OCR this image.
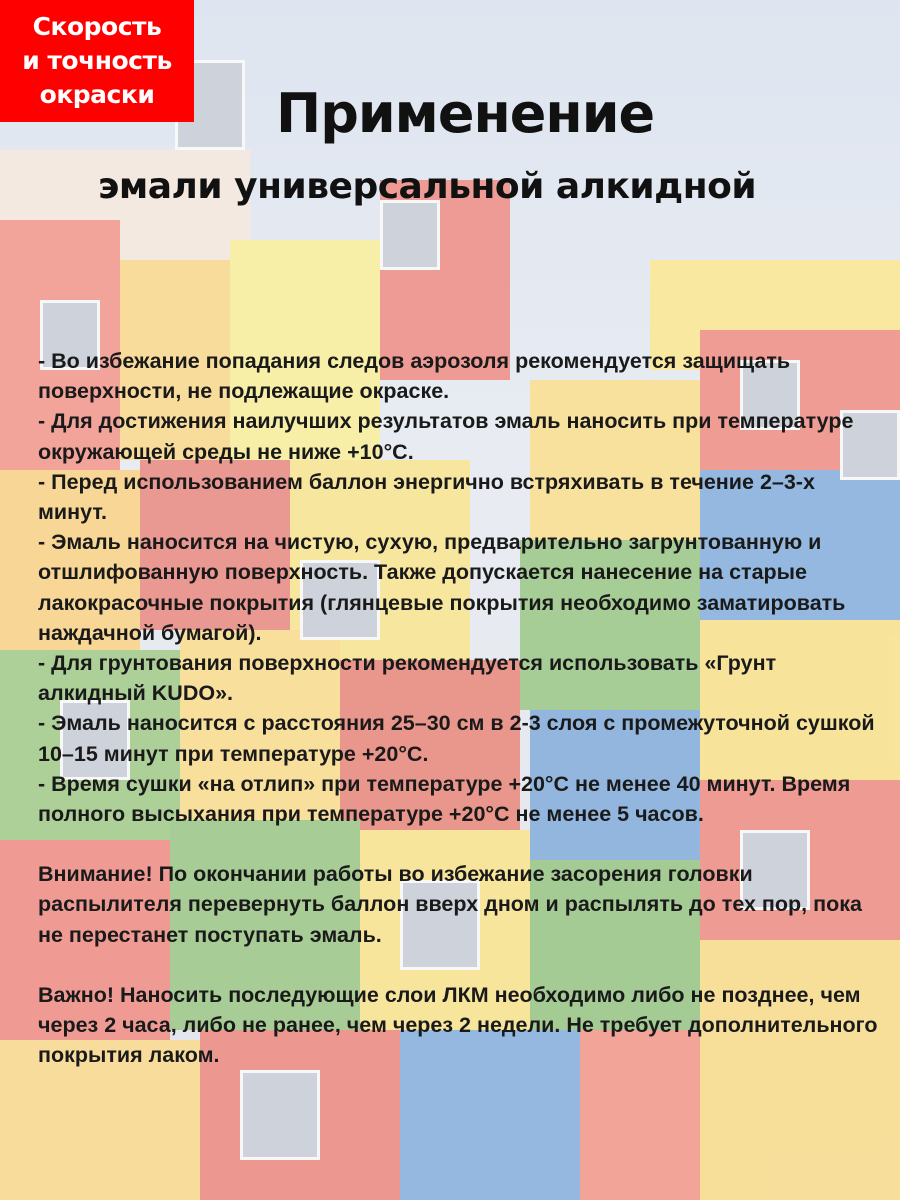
Скорость
и точность
окраски	Применение
эмали универсальной алкидной

- Во избежание попадания следов аэрозоля рекомендуется защищать поверхности, не подлежащие окраске.

- Для достижения наилучших результатов эмаль наносить при температуре окружающей среды не ниже +10°С.

- Перед использованием баллон энергично встряхивать в течение 2–3-х минут.

- Эмаль наносится на чистую, сухую, предварительно загрунтованную и отшлифованную поверхность. Также допускается нанесение на старые лакокрасочные покрытия (глянцевые покрытия необходимо заматировать наждачной бумагой).

- Для грунтования поверхности рекомендуется использовать «Грунт алкидный KUDO».

- Эмаль наносится с расстояния 25–30 см в 2-3 слоя с промежуточной сушкой 10–15 минут при температуре +20°С.

- Время сушки «на отлип» при температуре +20°С не менее 40 минут. Время полного высыхания при температуре +20°С не менее 5 часов.

Внимание! По окончании работы во избежание засорения головки распылителя перевернуть баллон вверх дном и распылять до тех пор, пока не перестанет поступать эмаль.

Важно! Наносить последующие слои ЛКМ необходимо либо не позднее, чем через 2 часа, либо не ранее, чем через 2 недели. Не требует дополнительного покрытия лаком.
